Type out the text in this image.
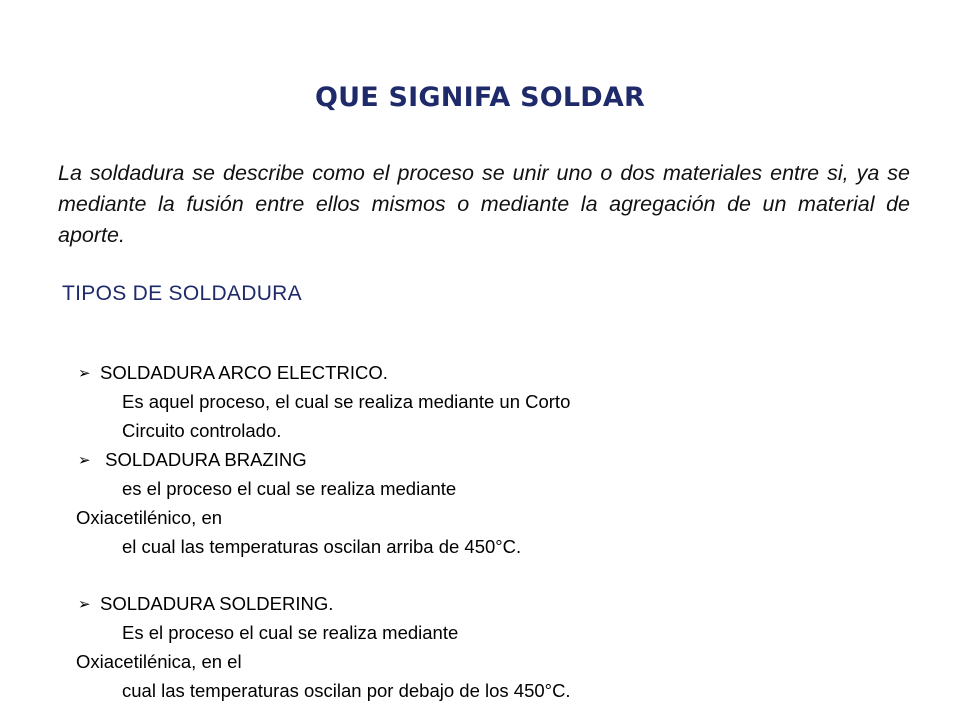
QUE SIGNIFA SOLDAR
La soldadura se describe como el proceso se unir uno o dos materiales entre si, ya se mediante la fusión entre ellos mismos o mediante la agregación de un material de aporte.
TIPOS DE SOLDADURA
➢ SOLDADURA ARCO ELECTRICO.
Es aquel proceso, el cual se realiza mediante un Corto
Circuito controlado.
➢ SOLDADURA BRAZING
es el proceso el cual se realiza mediante
Oxiacetilénico, en
el cual las temperaturas oscilan arriba de 450°C.
➢ SOLDADURA SOLDERING.
Es el proceso el cual se realiza mediante
Oxiacetilénica, en el
cual las temperaturas oscilan por debajo de los 450°C.
